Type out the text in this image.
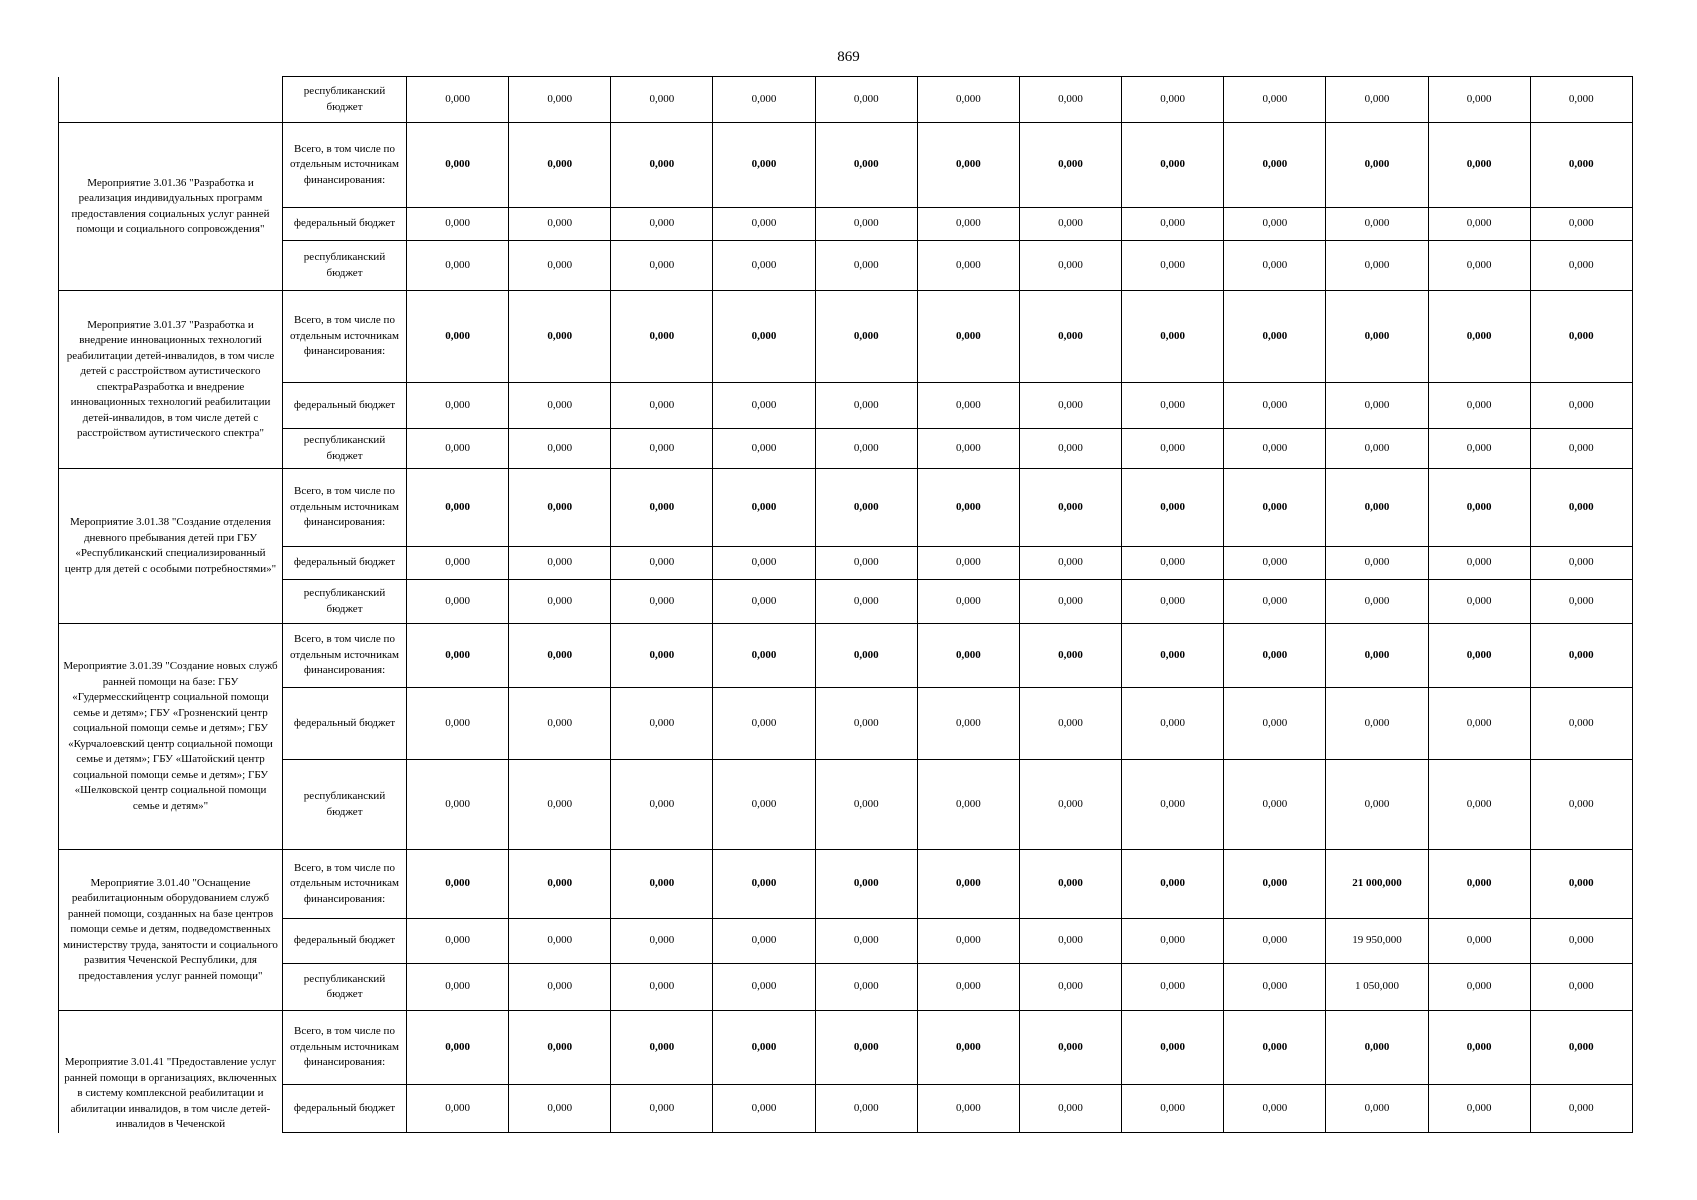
869
	республиканский бюджет	0,000	0,000	0,000	0,000	0,000	0,000	0,000	0,000	0,000	0,000	0,000	0,000
Мероприятие 3.01.36 "Разработка и реализация индивидуальных программ предоставления социальных услуг ранней помощи и социального сопровождения"	Всего, в том числе по отдельным источникам финансирования:	0,000	0,000	0,000	0,000	0,000	0,000	0,000	0,000	0,000	0,000	0,000	0,000
	федеральный бюджет	0,000	0,000	0,000	0,000	0,000	0,000	0,000	0,000	0,000	0,000	0,000	0,000
	республиканский бюджет	0,000	0,000	0,000	0,000	0,000	0,000	0,000	0,000	0,000	0,000	0,000	0,000
Мероприятие 3.01.37 "Разработка и внедрение инновационных технологий реабилитации детей-инвалидов, в том числе детей с расстройством аутистического спектраРазработка и внедрение инновационных технологий реабилитации детей-инвалидов, в том числе детей с расстройством аутистического спектра"	Всего, в том числе по отдельным источникам финансирования:	0,000	0,000	0,000	0,000	0,000	0,000	0,000	0,000	0,000	0,000	0,000	0,000
	федеральный бюджет	0,000	0,000	0,000	0,000	0,000	0,000	0,000	0,000	0,000	0,000	0,000	0,000
	республиканский бюджет	0,000	0,000	0,000	0,000	0,000	0,000	0,000	0,000	0,000	0,000	0,000	0,000
Мероприятие 3.01.38 "Создание отделения дневного пребывания детей при ГБУ «Республиканский специализированный центр для детей с особыми потребностями»"	Всего, в том числе по отдельным источникам финансирования:	0,000	0,000	0,000	0,000	0,000	0,000	0,000	0,000	0,000	0,000	0,000	0,000
	федеральный бюджет	0,000	0,000	0,000	0,000	0,000	0,000	0,000	0,000	0,000	0,000	0,000	0,000
	республиканский бюджет	0,000	0,000	0,000	0,000	0,000	0,000	0,000	0,000	0,000	0,000	0,000	0,000
Мероприятие 3.01.39 "Создание новых служб ранней помощи на базе: ГБУ «Гудермесскийцентр социальной помощи семье и детям»; ГБУ «Грозненский центр социальной помощи семье и детям»; ГБУ «Курчалоевский центр социальной помощи семье и детям»; ГБУ «Шатойский центр социальной помощи семье и детям»; ГБУ «Шелковской центр социальной помощи семье и детям»"	Всего, в том числе по отдельным источникам финансирования:	0,000	0,000	0,000	0,000	0,000	0,000	0,000	0,000	0,000	0,000	0,000	0,000
	федеральный бюджет	0,000	0,000	0,000	0,000	0,000	0,000	0,000	0,000	0,000	0,000	0,000	0,000
	республиканский бюджет	0,000	0,000	0,000	0,000	0,000	0,000	0,000	0,000	0,000	0,000	0,000	0,000
Мероприятие 3.01.40 "Оснащение реабилитационным оборудованием служб ранней помощи, созданных на базе центров помощи семье и детям, подведомственных министерству труда, занятости и социального развития Чеченской Республики, для предоставления услуг ранней помощи"	Всего, в том числе по отдельным источникам финансирования:	0,000	0,000	0,000	0,000	0,000	0,000	0,000	0,000	0,000	21 000,000	0,000	0,000
	федеральный бюджет	0,000	0,000	0,000	0,000	0,000	0,000	0,000	0,000	0,000	19 950,000	0,000	0,000
	республиканский бюджет	0,000	0,000	0,000	0,000	0,000	0,000	0,000	0,000	0,000	1 050,000	0,000	0,000
Мероприятие 3.01.41 "Предоставление услуг ранней помощи в организациях, включенных в систему комплексной реабилитации и абилитации инвалидов, в том числе детей-инвалидов в Чеченской	Всего, в том числе по отдельным источникам финансирования:	0,000	0,000	0,000	0,000	0,000	0,000	0,000	0,000	0,000	0,000	0,000	0,000
	федеральный бюджет	0,000	0,000	0,000	0,000	0,000	0,000	0,000	0,000	0,000	0,000	0,000	0,000
